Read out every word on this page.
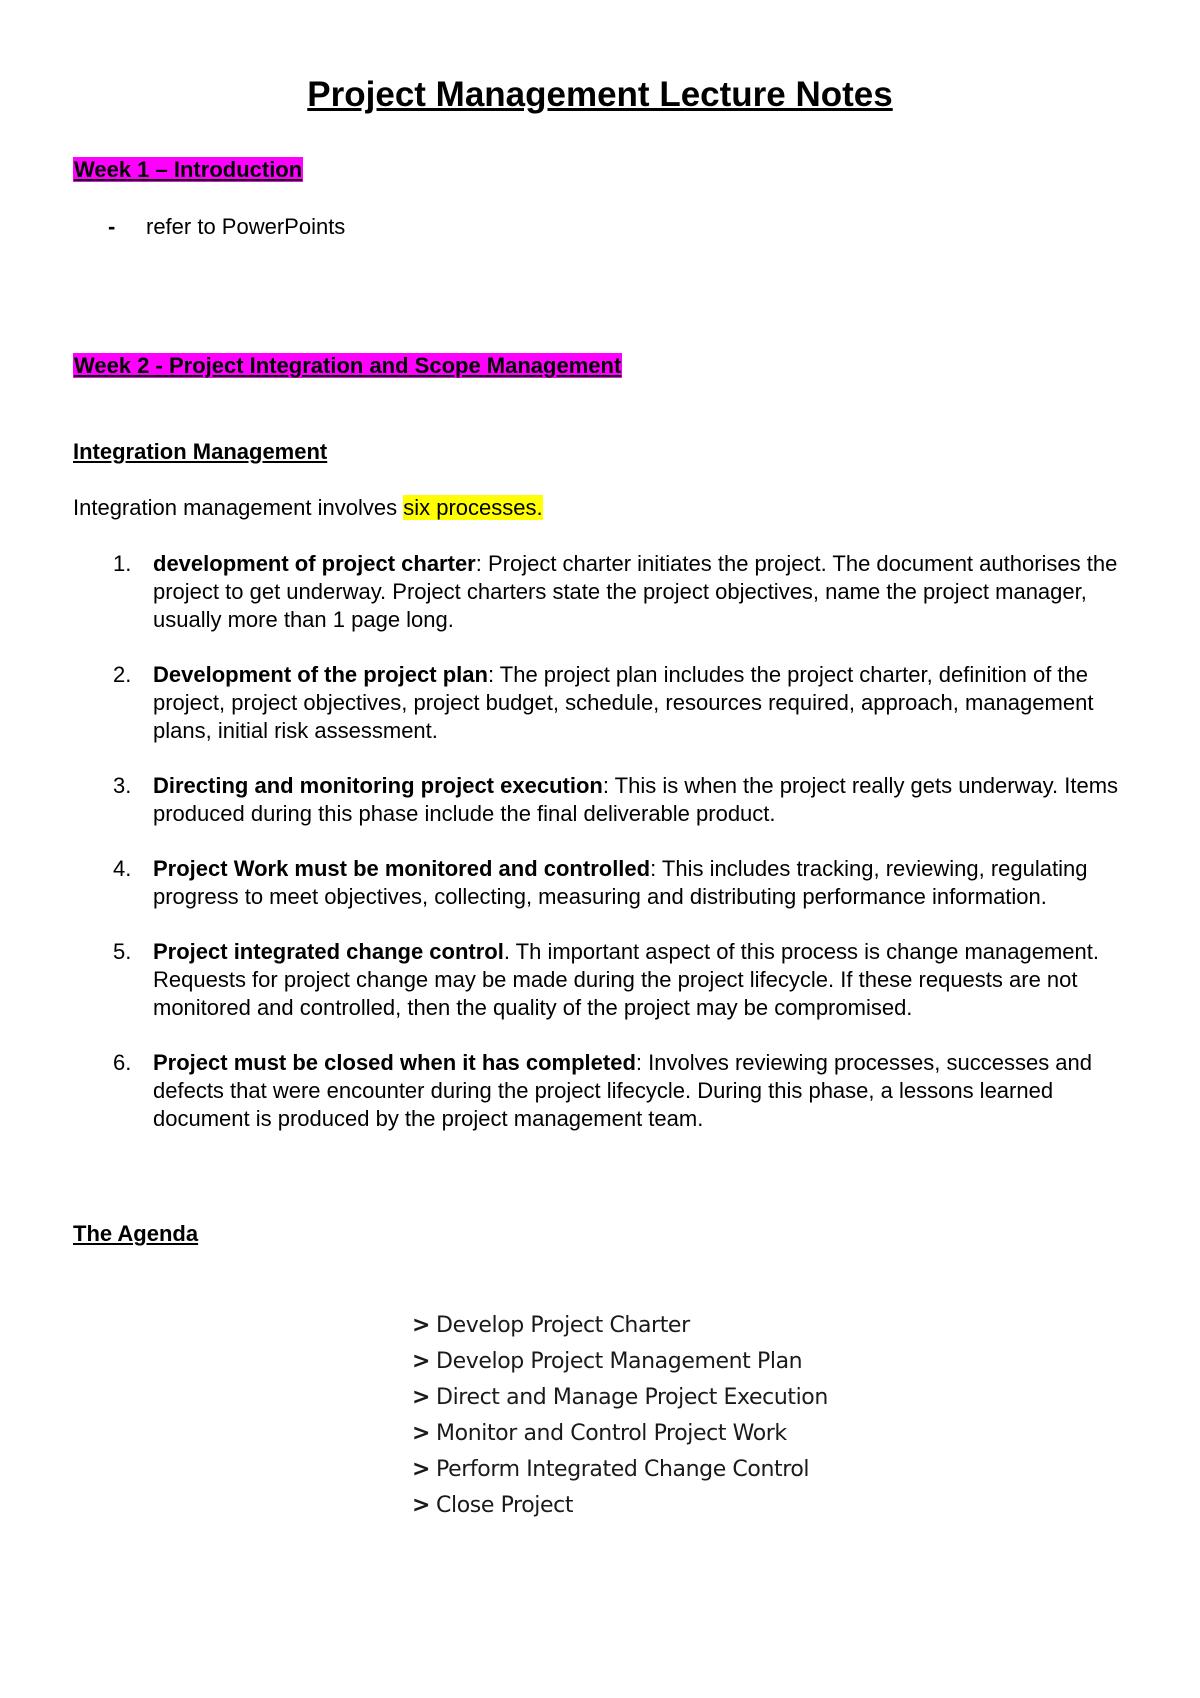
Project Management Lecture Notes
Week 1 – Introduction
- refer to PowerPoints
Week 2 - Project Integration and Scope Management
Integration Management

Integration management involves six processes.

1. development of project charter: Project charter initiates the project. The document authorises the project to get underway. Project charters state the project objectives, name the project manager, usually more than 1 page long.
2. Development of the project plan: The project plan includes the project charter, definition of the project, project objectives, project budget, schedule, resources required, approach, management plans, initial risk assessment.
3. Directing and monitoring project execution: This is when the project really gets underway. Items produced during this phase include the final deliverable product.
4. Project Work must be monitored and controlled: This includes tracking, reviewing, regulating progress to meet objectives, collecting, measuring and distributing performance information.
5. Project integrated change control. Th important aspect of this process is change management. Requests for project change may be made during the project lifecycle. If these requests are not monitored and controlled, then the quality of the project may be compromised.
6. Project must be closed when it has completed: Involves reviewing processes, successes and defects that were encounter during the project lifecycle. During this phase, a lessons learned document is produced by the project management team.
The Agenda
> Develop Project Charter
> Develop Project Management Plan
> Direct and Manage Project Execution
> Monitor and Control Project Work
> Perform Integrated Change Control
> Close Project
